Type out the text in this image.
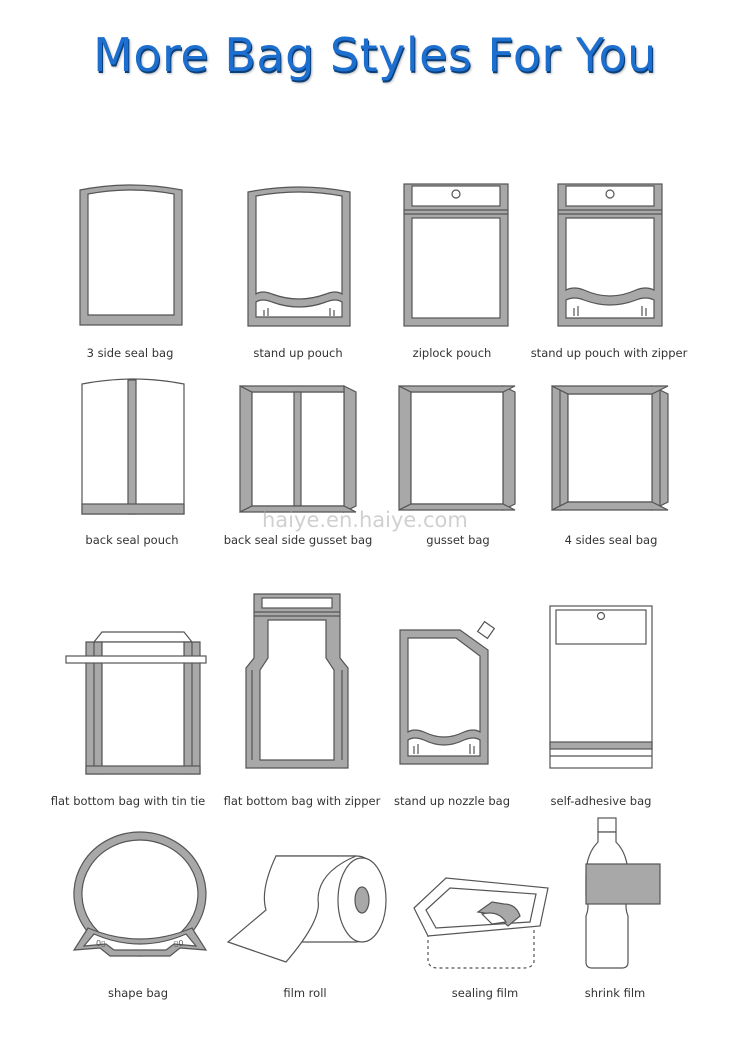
More Bag Styles For You
3 side seal bag	stand up pouch	ziplock pouch	stand up pouch with zipper
back seal pouch	back seal side gusset bag	gusset bag	4 sides seal bag
haiye.en.haiye.com
flat bottom bag with tin tie	flat bottom bag with zipper	stand up nozzle bag	self-adhesive bag
0▯	▯0
shape bag	film roll	sealing film	shrink film
